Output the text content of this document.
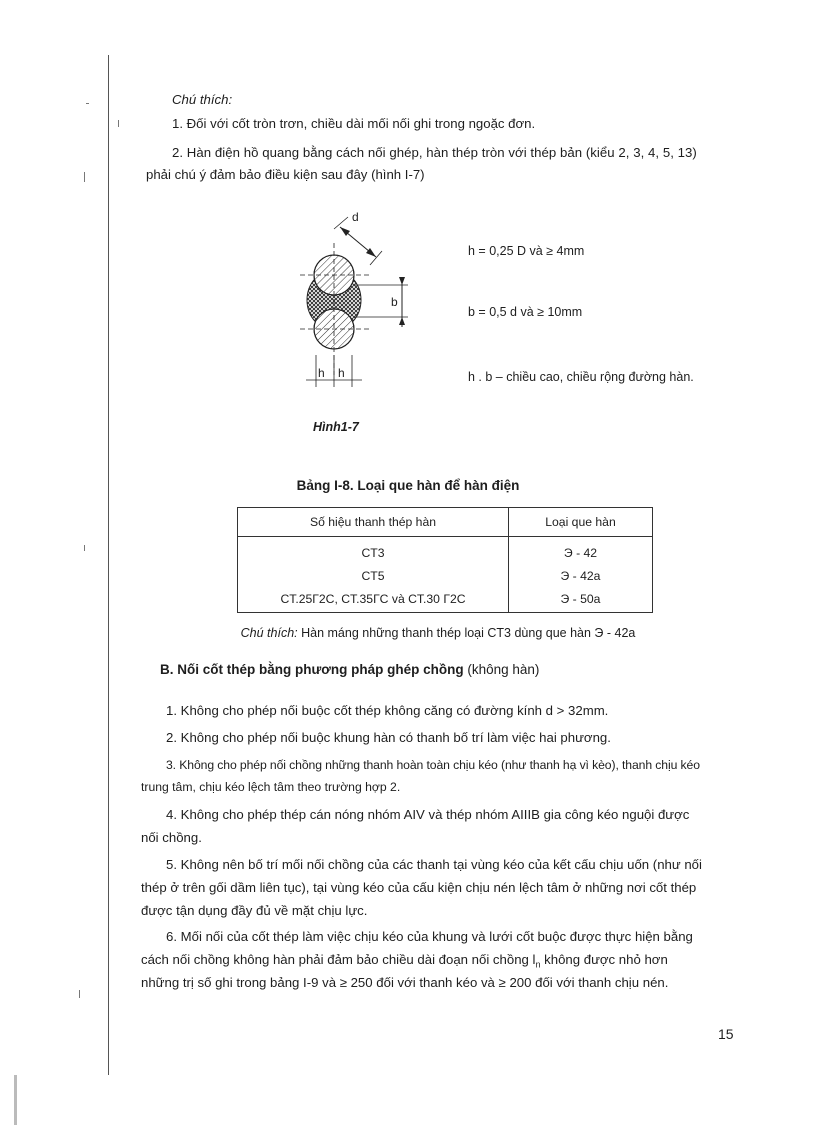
Chú thích:
1. Đối với cốt tròn trơn, chiều dài mối nối ghi trong ngoặc đơn.
2. Hàn điện hồ quang bằng cách nối ghép, hàn thép tròn với thép bản (kiểu 2, 3, 4, 5, 13)
phải chú ý đảm bảo điều kiện sau đây (hình I-7)
d
b
h h
h = 0,25 D và ≥ 4mm
b = 0,5 d và ≥ 10mm
h . b – chiều cao, chiều rộng đường hàn.
Hình1-7
Bảng I-8. Loại que hàn để hàn điện
Số hiệu thanh thép hàn	Loại que hàn
CT3	Э - 42
CT5	Э - 42a
CT.25Г2C, CT.35ГC và CT.30 Г2C	Э - 50a
Chú thích: Hàn máng những thanh thép loại CT3 dùng que hàn Э - 42a
B. Nối cốt thép bằng phương pháp ghép chồng (không hàn)
1. Không cho phép nối buộc cốt thép không căng có đường kính d > 32mm.
2. Không cho phép nối buộc khung hàn có thanh bố trí làm việc hai phương.
3. Không cho phép nối chồng những thanh hoàn toàn chịu kéo (như thanh hạ vì kèo), thanh chịu kéo
trung tâm, chịu kéo lệch tâm theo trường hợp 2.
4. Không cho phép thép cán nóng nhóm AIV và thép nhóm AIIIB gia công kéo nguội được
nối chồng.
5. Không nên bố trí mối nối chồng của các thanh tại vùng kéo của kết cấu chịu uốn (như nối
thép ở trên gối dầm liên tục), tại vùng kéo của cấu kiện chịu nén lệch tâm ở những nơi cốt thép
được tận dụng đầy đủ về mặt chịu lực.
6. Mối nối của cốt thép làm việc chịu kéo của khung và lưới cốt buộc được thực hiện bằng
cách nối chồng không hàn phải đảm bảo chiều dài đoạn nối chồng $l_n$ không được nhỏ hơn
những trị số ghi trong bảng I-9 và ≥ 250 đối với thanh kéo và ≥ 200 đối với thanh chịu nén.
15
